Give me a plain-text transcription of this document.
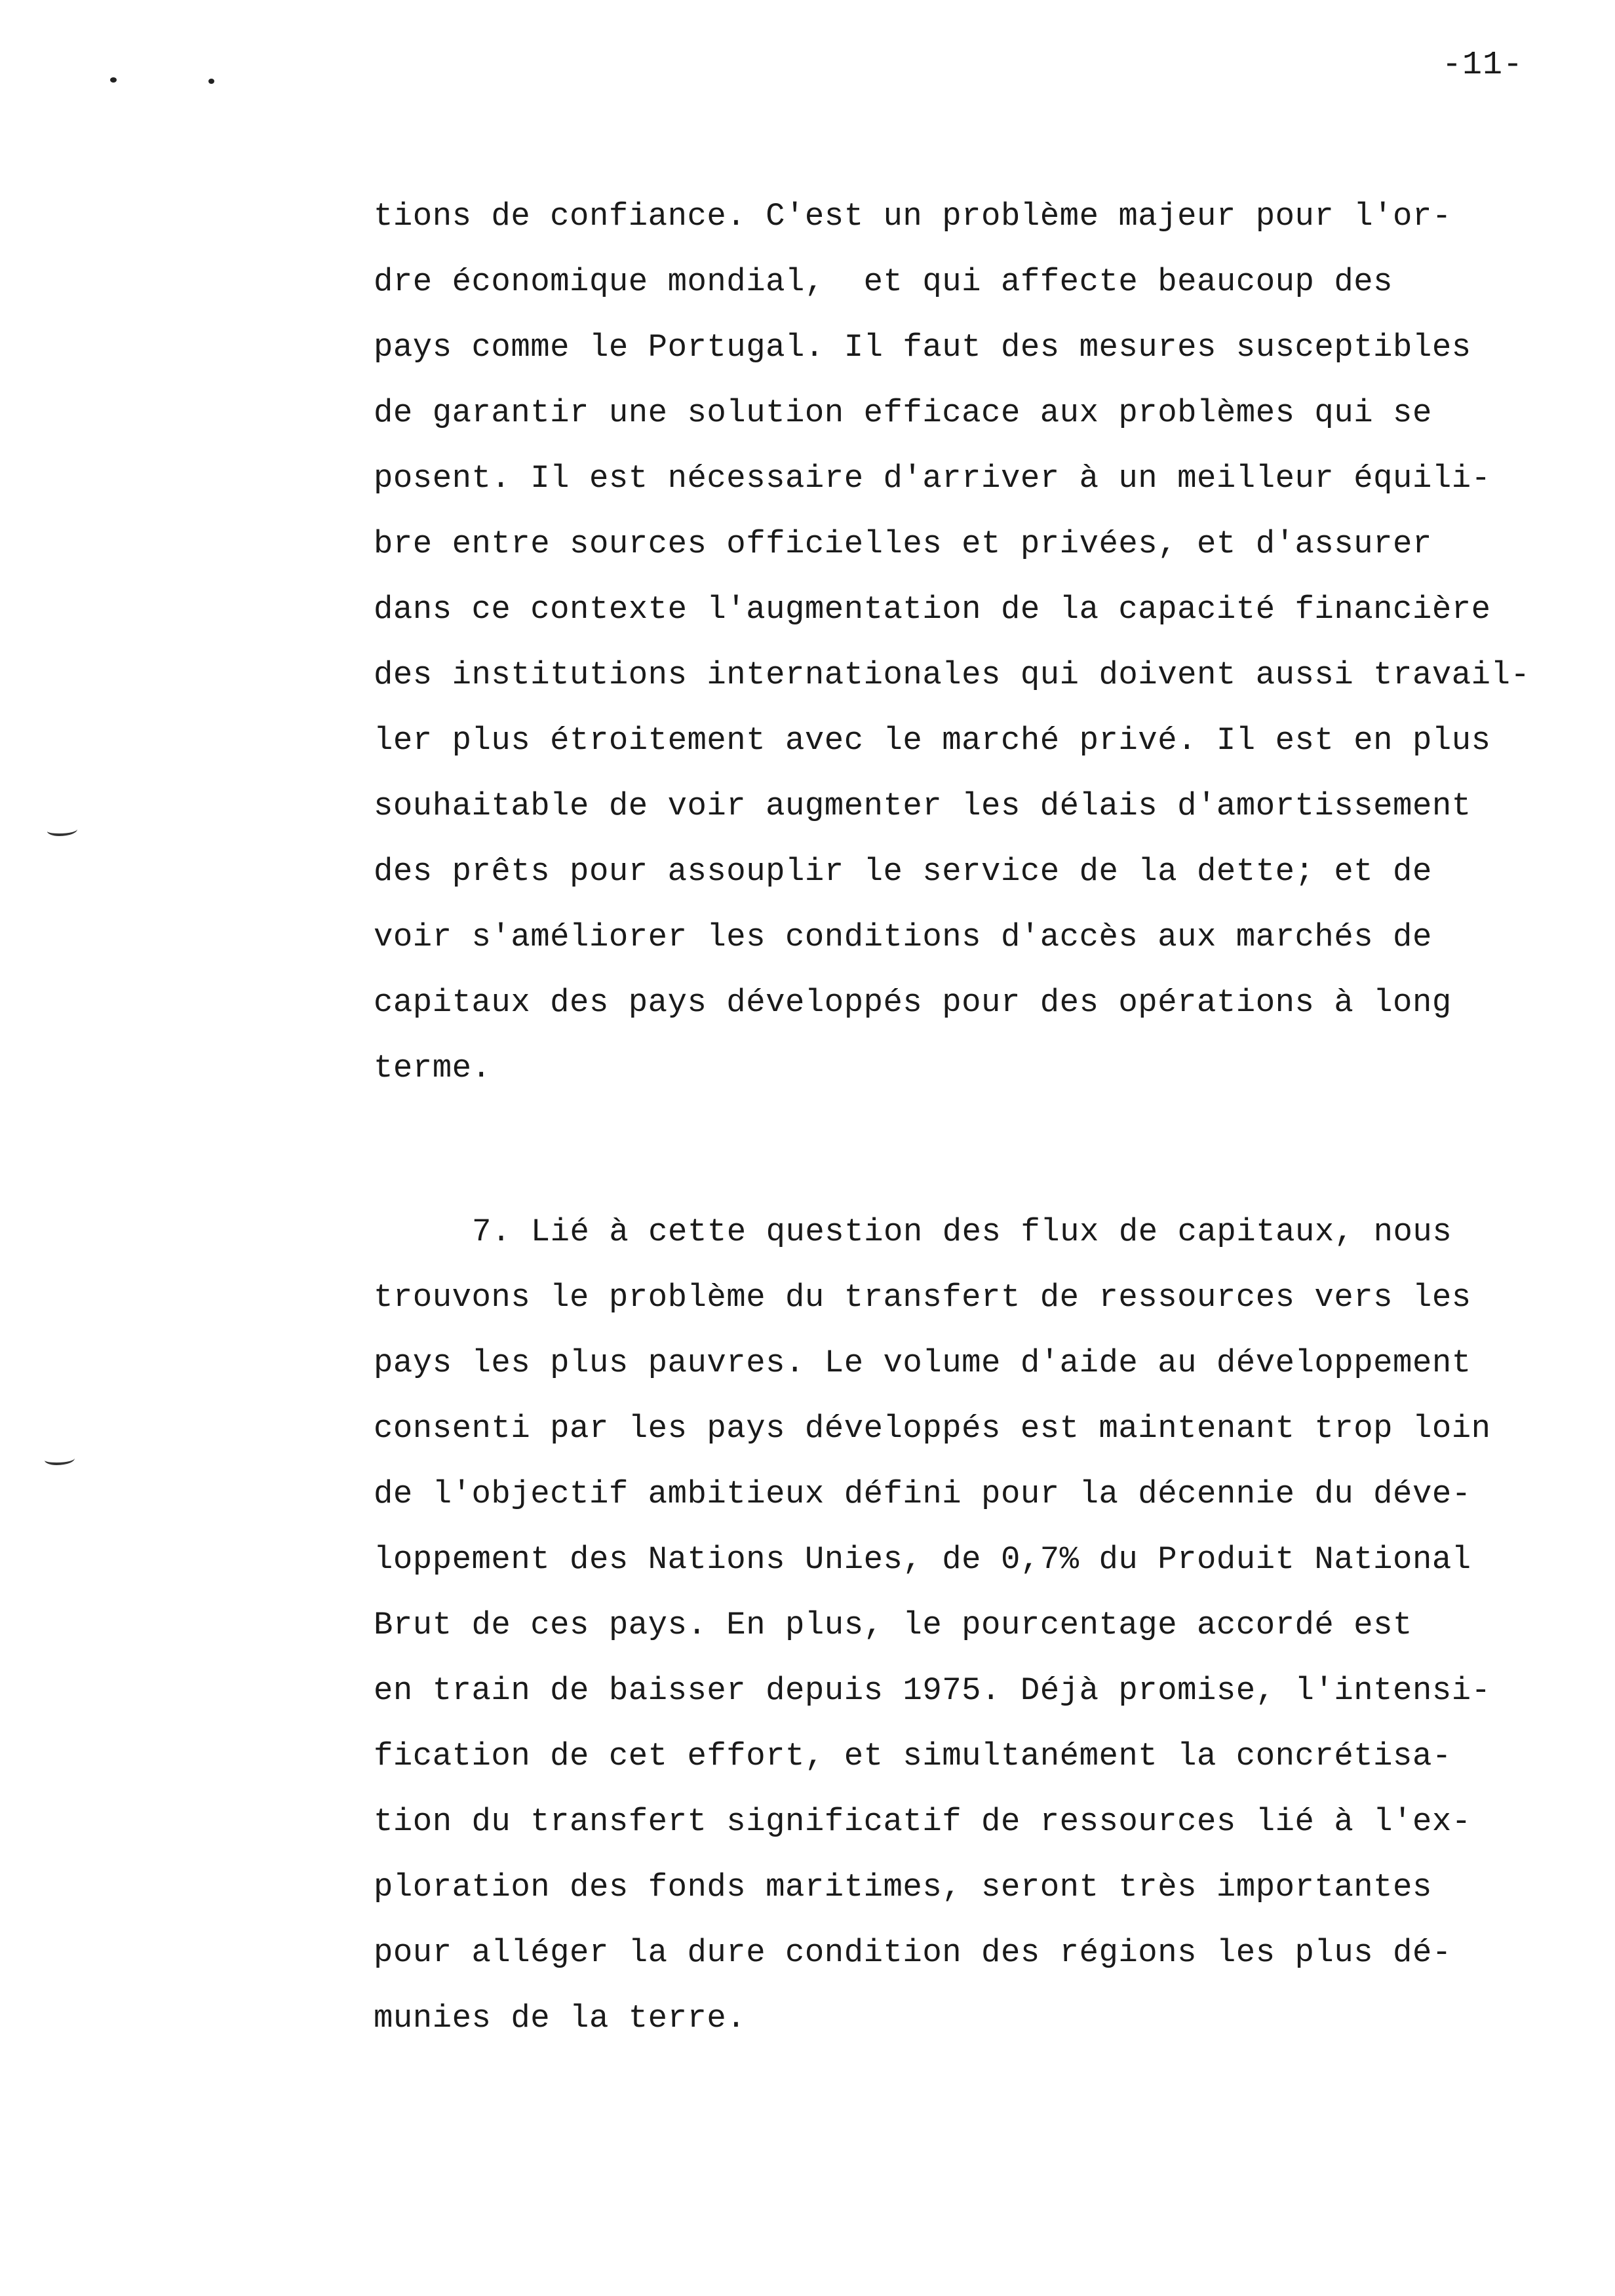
-11-
tions de confiance. C'est un problème majeur pour l'or-
dre économique mondial,  et qui affecte beaucoup des
pays comme le Portugal. Il faut des mesures susceptibles
de garantir une solution efficace aux problèmes qui se
posent. Il est nécessaire d'arriver à un meilleur équili-
bre entre sources officielles et privées, et d'assurer
dans ce contexte l'augmentation de la capacité financière
des institutions internationales qui doivent aussi travail-
ler plus étroitement avec le marché privé. Il est en plus
souhaitable de voir augmenter les délais d'amortissement
des prêts pour assouplir le service de la dette; et de
voir s'améliorer les conditions d'accès aux marchés de
capitaux des pays développés pour des opérations à long
terme.
7. Lié à cette question des flux de capitaux, nous
trouvons le problème du transfert de ressources vers les
pays les plus pauvres. Le volume d'aide au développement
consenti par les pays développés est maintenant trop loin
de l'objectif ambitieux défini pour la décennie du déve-
loppement des Nations Unies, de 0,7% du Produit National
Brut de ces pays. En plus, le pourcentage accordé est
en train de baisser depuis 1975. Déjà promise, l'intensi-
fication de cet effort, et simultanément la concrétisa-
tion du transfert significatif de ressources lié à l'ex-
ploration des fonds maritimes, seront très importantes
pour alléger la dure condition des régions les plus dé-
munies de la terre.
